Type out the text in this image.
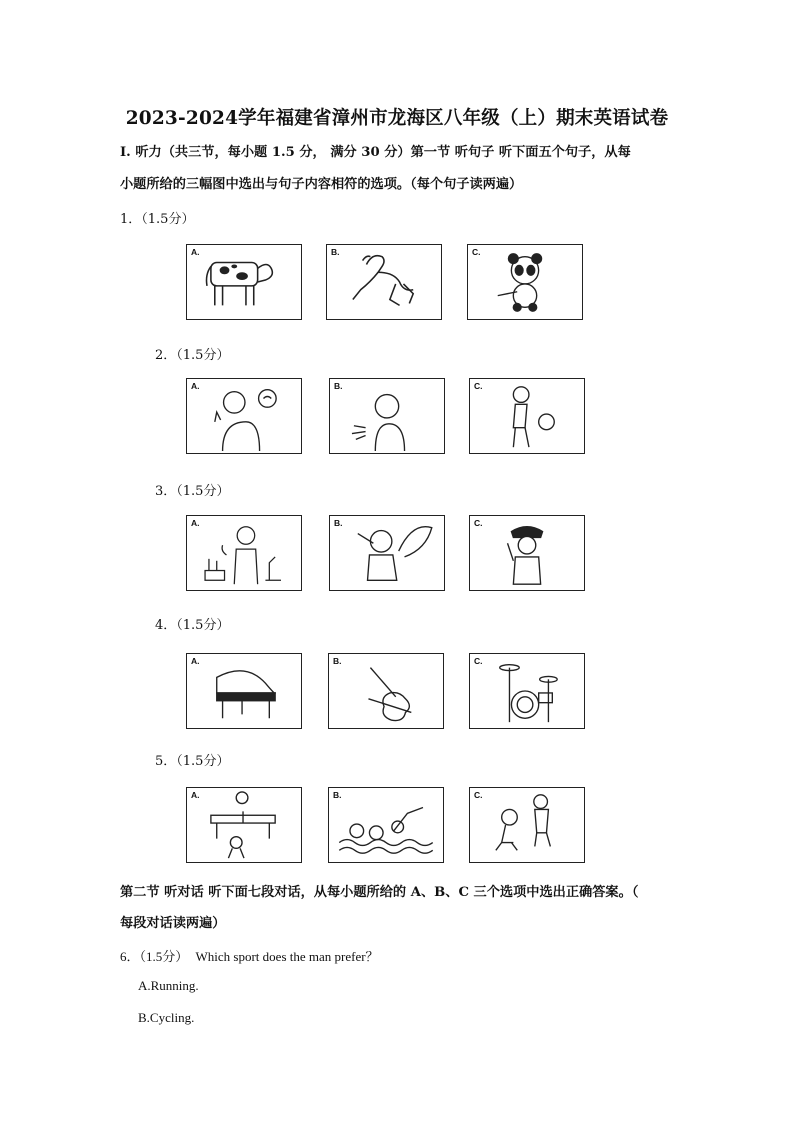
2023-2024学年福建省漳州市龙海区八年级（上）期末英语试卷
Ⅰ. 听力（共三节，每小题 1.5 分， 满分 30 分）第一节 听句子 听下面五个句子，从每
小题所给的三幅图中选出与句子内容相符的选项。（每个句子读两遍）
1．（1.5分）
A.	B.	C.
2．（1.5分）
A.	B.	C.
3．（1.5分）
A.	B.	C.
4．（1.5分）
A.	B.	C.
5．（1.5分）
A.	B.	C.
第二节 听对话 听下面七段对话，从每小题所给的 A、B、C 三个选项中选出正确答案。（
每段对话读两遍）
6．（1.5分） Which sport does the man prefer？
A.Running.
B.Cycling.
